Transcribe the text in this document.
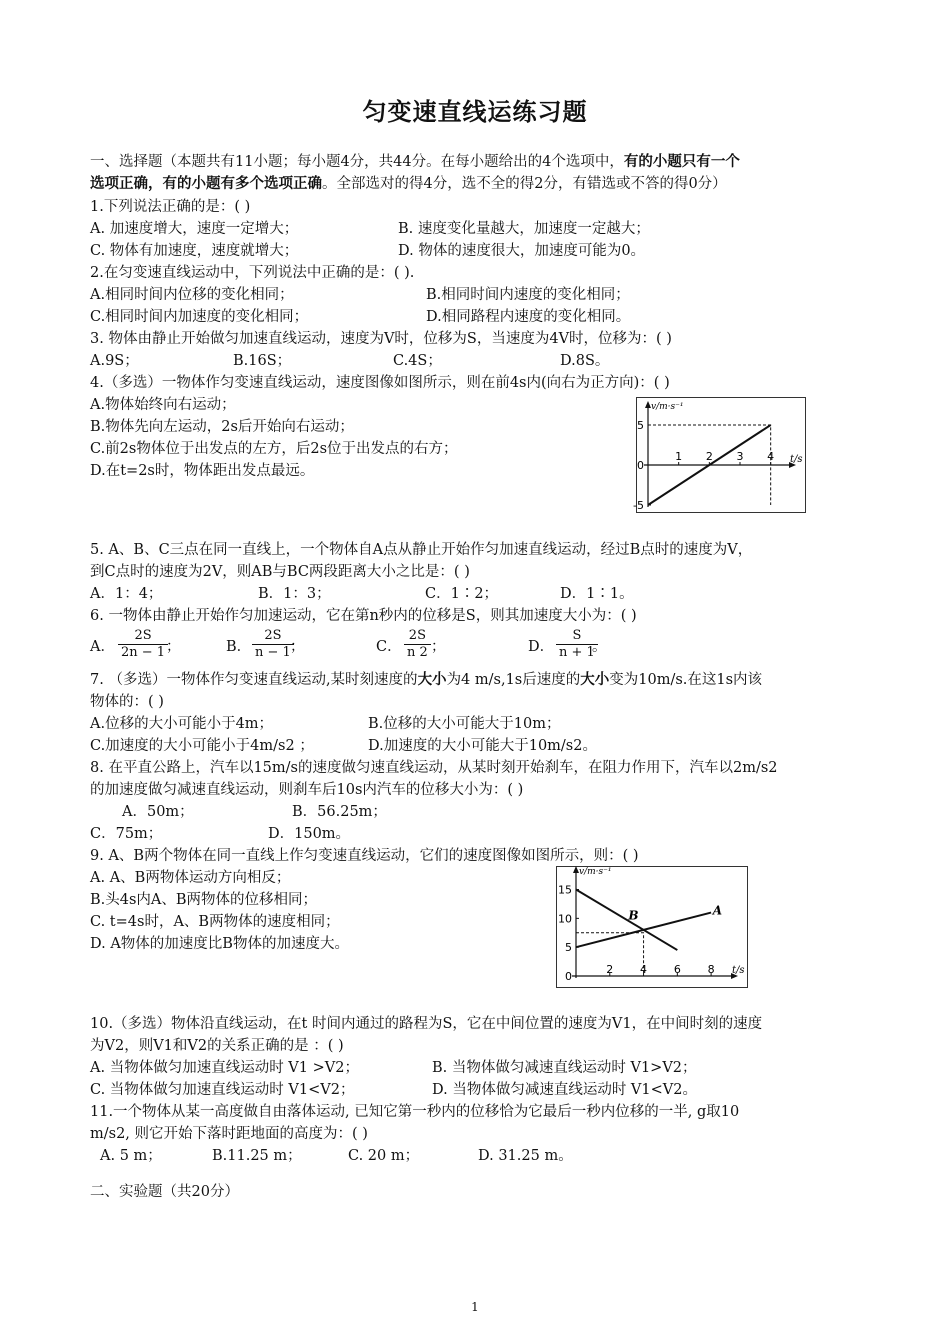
匀变速直线运练习题
一、选择题（本题共有11小题；每小题4分，共44分。在每小题给出的4个选项中，有的小题只有一个
选项正确，有的小题有多个选项正确。全部选对的得4分，选不全的得2分，有错选或不答的得0分）
1.下列说法正确的是：( )
A. 加速度增大，速度一定增大；	B. 速度变化量越大，加速度一定越大；
C. 物体有加速度，速度就增大；	D. 物体的速度很大，加速度可能为0。
2.在匀变速直线运动中，下列说法中正确的是：( ).
A.相同时间内位移的变化相同；	B.相同时间内速度的变化相同；
C.相同时间内加速度的变化相同；	D.相同路程内速度的变化相同。
3. 物体由静止开始做匀加速直线运动，速度为V时，位移为S，当速度为4V时，位移为：( )
A.9S；	B.16S；	C.4S；	D.8S。
4.（多选）一物体作匀变速直线运动，速度图像如图所示，则在前4s内(向右为正方向)：( )
A.物体始终向右运动；
B.物体先向左运动，2s后开始向右运动；
C.前2s物体位于出发点的左方，后2s位于出发点的右方；
D.在t=2s时，物体距出发点最远。
v/m·s⁻¹
t/s
1 2 3 4
5
0
-5
5. A、B、C三点在同一直线上，一个物体自A点从静止开始作匀加速直线运动，经过B点时的速度为V，
到C点时的速度为2V，则AB与BC两段距离大小之比是：( )
A．1：4；	B．1：3；	C．1∶2；	D．1∶1。
6. 一物体由静止开始作匀加速运动，它在第n秒内的位移是S，则其加速度大小为：( )
A． $\frac{2S}{2n - 1}$
；	B． $\frac{2S}{n - 1}$
；	C． $\frac{2S}{n 2}$ ；	D． $\frac{S}{n + 1}$
。
7. （多选）一物体作匀变速直线运动,某时刻速度的大小为4 m/s,1s后速度的大小变为10m/s.在这1s内该
物体的：( )
A.位移的大小可能小于4m；	B.位移的大小可能大于10m；
C.加速度的大小可能小于4m/s2 ；	D.加速度的大小可能大于10m/s2。
8. 在平直公路上，汽车以15m/s的速度做匀速直线运动，从某时刻开始刹车，在阻力作用下，汽车以2m/s2
的加速度做匀减速直线运动，则刹车后10s内汽车的位移大小为：( )
A．50m；	B．56.25m；
C．75m；	D．150m。
9. A、B两个物体在同一直线上作匀变速直线运动，它们的速度图像如图所示，则：( )
A. A、B两物体运动方向相反；
B.头4s内A、B两物体的位移相同；
C. t=4s时，A、B两物体的速度相同；
D. A物体的加速度比B物体的加速度大。
v/m·s⁻¹
t/s
2 4 6 8
15
10
5
0
A
B
10.（多选）物体沿直线运动，在t 时间内通过的路程为S，它在中间位置的速度为V1，在中间时刻的速度
为V2，则V1和V2的关系正确的是 ：( )
A. 当物体做匀加速直线运动时 V1 >V2；	B. 当物体做匀减速直线运动时 V1>V2；
C. 当物体做匀加速直线运动时 V1<V2；	D. 当物体做匀减速直线运动时 V1<V2。
11.一个物体从某一高度做自由落体运动, 已知它第一秒内的位移恰为它最后一秒内位移的一半, g取10
m/s2, 则它开始下落时距地面的高度为：( )
A. 5 m；	B.11.25 m；	C. 20 m；	D. 31.25 m。
二、实验题（共20分）
1
